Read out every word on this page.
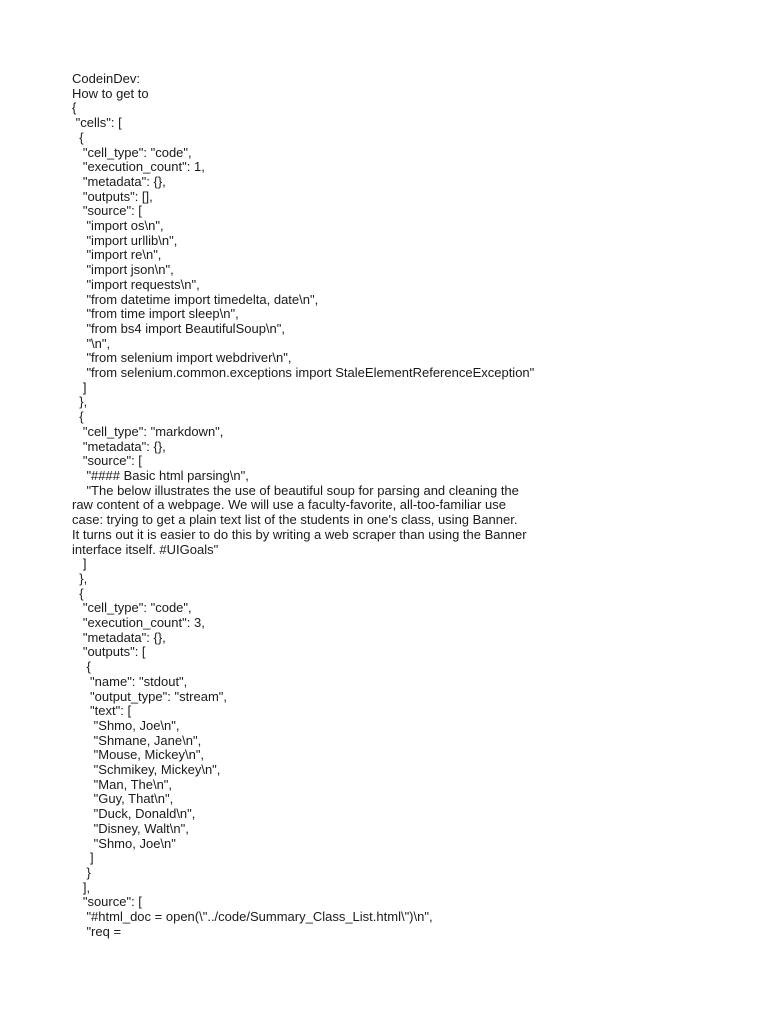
CodeinDev:
How to get to
{
"cells": [
{
"cell_type": "code",
"execution_count": 1,
"metadata": {},
"outputs": [],
"source": [
"import os\n",
"import urllib\n",
"import re\n",
"import json\n",
"import requests\n",
"from datetime import timedelta, date\n",
"from time import sleep\n",
"from bs4 import BeautifulSoup\n",
"\n",
"from selenium import webdriver\n",
"from selenium.common.exceptions import StaleElementReferenceException"
]
},
{
"cell_type": "markdown",
"metadata": {},
"source": [
"#### Basic html parsing\n",
"The below illustrates the use of beautiful soup for parsing and cleaning the
raw content of a webpage. We will use a faculty-favorite, all-too-familiar use
case: trying to get a plain text list of the students in one's class, using Banner.
It turns out it is easier to do this by writing a web scraper than using the Banner
interface itself. #UIGoals"
]
},
{
"cell_type": "code",
"execution_count": 3,
"metadata": {},
"outputs": [
{
"name": "stdout",
"output_type": "stream",
"text": [
"Shmo, Joe\n",
"Shmane, Jane\n",
"Mouse, Mickey\n",
"Schmikey, Mickey\n",
"Man, The\n",
"Guy, That\n",
"Duck, Donald\n",
"Disney, Walt\n",
"Shmo, Joe\n"
]
}
],
"source": [
"#html_doc = open(\"../code/Summary_Class_List.html\")\n",
"req =
